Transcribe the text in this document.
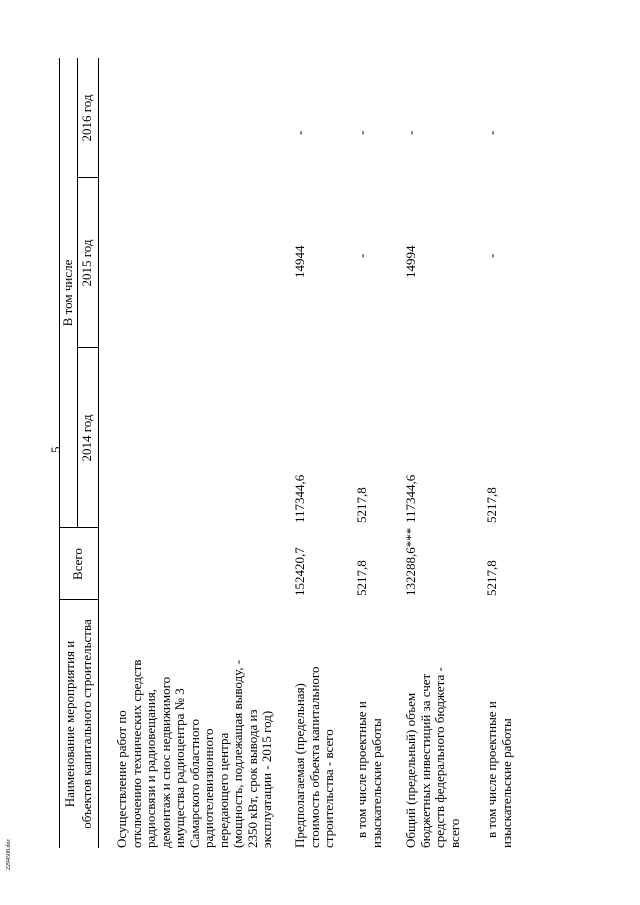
5
2294508.doc
Наименование мероприятия и объектов капитального строительства
Всего
В том числе
2014 год
2015 год
2016 год
Осуществление работ по отключению технических средств радиосвязи и радиовещания, демонтаж и снос недвижимого имущества радиоцентра № 3 Самарского областного радиотелевизионного передающего центра (мощность, подлежащая выводу, - 2350 кВт, срок вывода из эксплуатации - 2015 год) Предполагаемая (предельная) стоимость объекта капитального строительства - всего
152420,7
117344,6
14944
-
в том числе проектные и изыскательские работы
5217,8
5217,8
-
-
Общий (предельный) объем бюджетных инвестиций за счет средств федерального бюджета - всего
132288,6***
117344,6
14994
-
в том числе проектные и изыскательские работы
5217,8
5217,8
-
-
